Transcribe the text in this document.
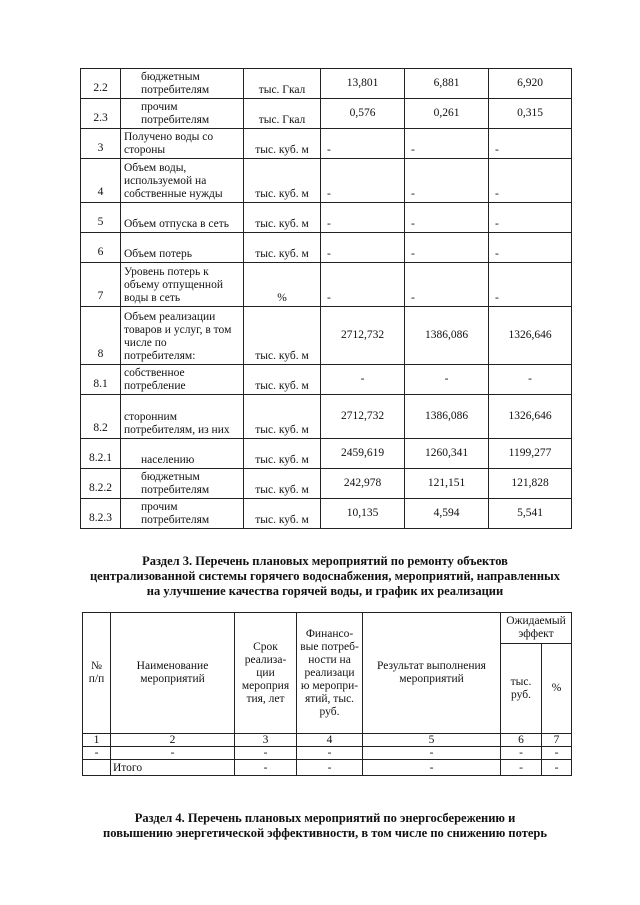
2.2	бюджетным потребителям	тыс. Гкал	13,801	6,881	6,920
2.3	прочим потребителям	тыс. Гкал	0,576	0,261	0,315
3	Получено воды со стороны	тыс. куб. м	-	-	-
4	Объем воды, используемой на собственные нужды	тыс. куб. м	-	-	-
5	Объем отпуска в сеть	тыс. куб. м	-	-	-
6	Объем потерь	тыс. куб. м	-	-	-
7	Уровень потерь к объему отпущенной воды в сеть	%	-	-	-
8	Объем реализации товаров и услуг, в том числе по потребителям:	тыс. куб. м	2712,732	1386,086	1326,646
8.1	собственное потребление	тыс. куб. м	-	-	-
8.2	сторонним потребителям, из них	тыс. куб. м	2712,732	1386,086	1326,646
8.2.1	населению	тыс. куб. м	2459,619	1260,341	1199,277
8.2.2	бюджетным потребителям	тыс. куб. м	242,978	121,151	121,828
8.2.3	прочим потребителям	тыс. куб. м	10,135	4,594	5,541
Раздел 3. Перечень плановых мероприятий по ремонту объектов
централизованной системы горячего водоснабжения, мероприятий, направленных
на улучшение качества горячей воды, и график их реализации
№ п/п	Наименование мероприятий	Срок реализа-ции мероприя тия, лет	Финансо-вые потреб-ности на реализаци ю меропри-ятий, тыс. руб.	Результат выполнения мероприятий	Ожидаемый эффект	
					тыс. руб.	%
1	2	3	4	5	6	7
-	-	-	-	-	-	-
	Итого	-	-	-	-	-
Раздел 4. Перечень плановых мероприятий по энергосбережению и
повышению энергетической эффективности, в том числе по снижению потерь
